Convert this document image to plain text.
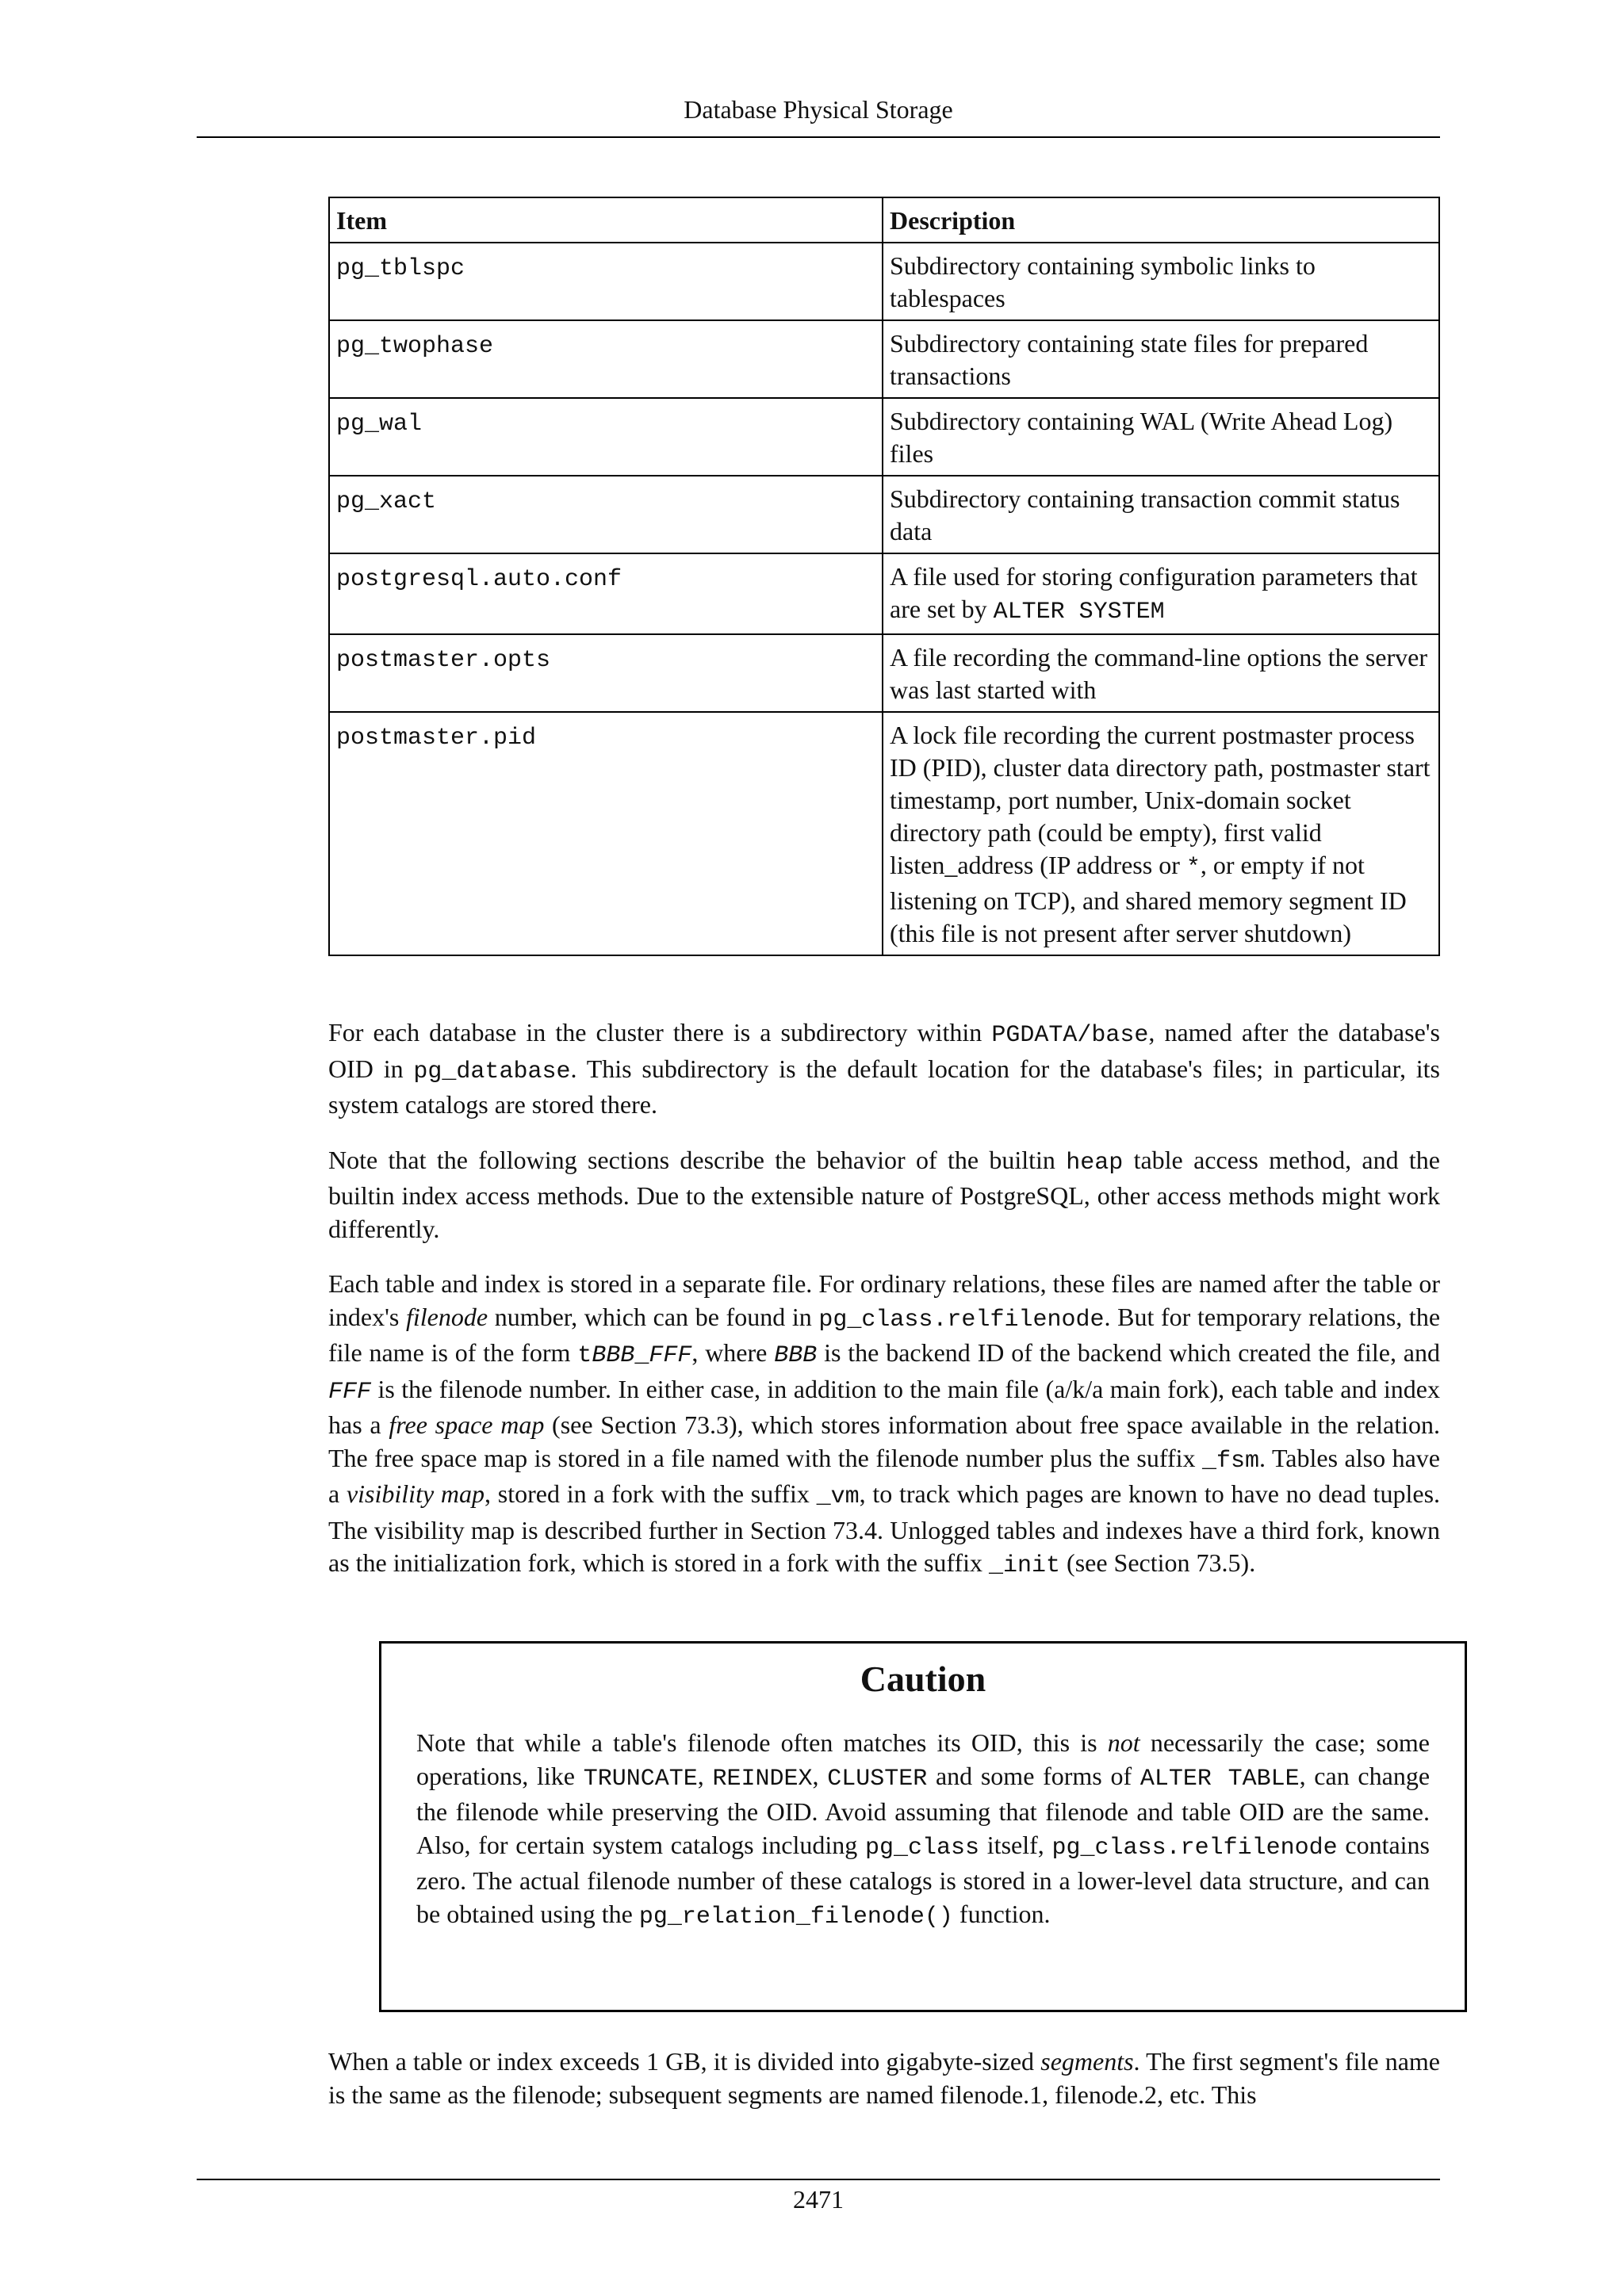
Database Physical Storage
Item	Description
pg_tblspc	Subdirectory containing symbolic links to tablespaces
pg_twophase	Subdirectory containing state files for prepared transactions
pg_wal	Subdirectory containing WAL (Write Ahead Log) files
pg_xact	Subdirectory containing transaction commit status data
postgresql.auto.conf	A file used for storing configuration parameters that are set by ALTER SYSTEM
postmaster.opts	A file recording the command-line options the server was last started with
postmaster.pid	A lock file recording the current postmaster process ID (PID), cluster data directory path, postmaster start timestamp, port number, Unix-domain socket directory path (could be empty), first valid listen_address (IP address or *, or empty if not listening on TCP), and shared memory segment ID (this file is not present after server shutdown)

For each database in the cluster there is a subdirectory within PGDATA/base, named after the database's OID in pg_database. This subdirectory is the default location for the database's files; in particular, its system catalogs are stored there.

Note that the following sections describe the behavior of the builtin heap table access method, and the builtin index access methods. Due to the extensible nature of PostgreSQL, other access methods might work differently.

Each table and index is stored in a separate file. For ordinary relations, these files are named after the table or index's filenode number, which can be found in pg_class.relfilenode. But for temporary relations, the file name is of the form tBBB_FFF, where BBB is the backend ID of the backend which created the file, and FFF is the filenode number. In either case, in addition to the main file (a/k/a main fork), each table and index has a free space map (see Section 73.3), which stores information about free space available in the relation. The free space map is stored in a file named with the filenode number plus the suffix _fsm. Tables also have a visibility map, stored in a fork with the suffix _vm, to track which pages are known to have no dead tuples. The visibility map is described further in Section 73.4. Unlogged tables and indexes have a third fork, known as the initialization fork, which is stored in a fork with the suffix _init (see Section 73.5).

Caution

Note that while a table's filenode often matches its OID, this is not necessarily the case; some operations, like TRUNCATE, REINDEX, CLUSTER and some forms of ALTER TABLE, can change the filenode while preserving the OID. Avoid assuming that filenode and table OID are the same. Also, for certain system catalogs including pg_class itself, pg_class.relfilenode contains zero. The actual filenode number of these catalogs is stored in a lower-level data structure, and can be obtained using the pg_relation_filenode() function.

When a table or index exceeds 1 GB, it is divided into gigabyte-sized segments. The first segment's file name is the same as the filenode; subsequent segments are named filenode.1, filenode.2, etc. This

2471
